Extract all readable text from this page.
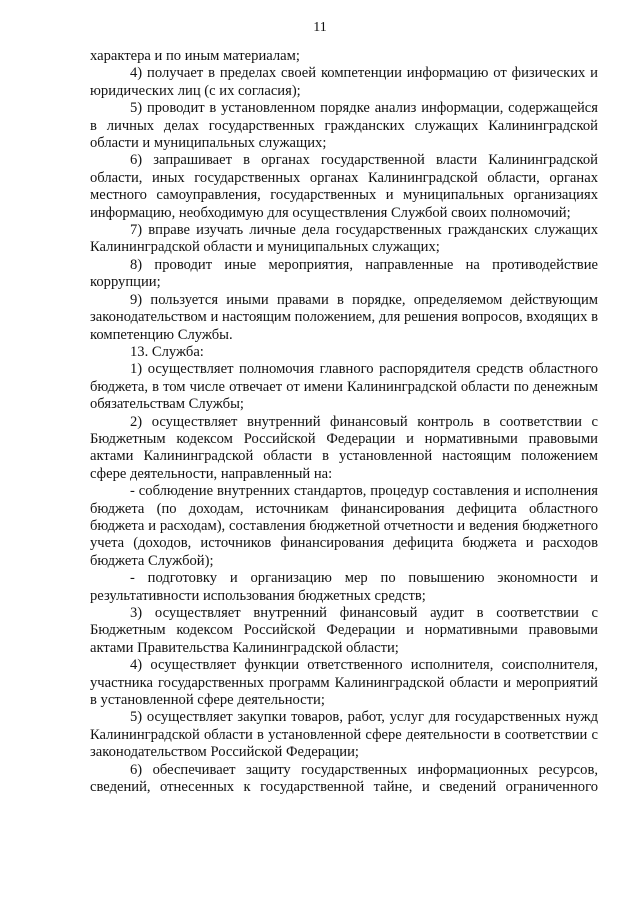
11

характера и по иным материалам;

4) получает в пределах своей компетенции информацию от физических и юридических лиц (с их согласия);

5) проводит в установленном порядке анализ информации, содержащейся в личных делах государственных гражданских служащих Калининградской области и муниципальных служащих;

6) запрашивает в органах государственной власти Калининградской области, иных государственных органах Калининградской области, органах местного самоуправления, государственных и муниципальных организациях информацию, необходимую для осуществления Службой своих полномочий;

7) вправе изучать личные дела государственных гражданских служащих Калининградской области и муниципальных служащих;

8) проводит иные мероприятия, направленные на противодействие коррупции;

9) пользуется иными правами в порядке, определяемом действующим законодательством и настоящим положением, для решения вопросов, входящих в компетенцию Службы.

13. Служба:

1) осуществляет полномочия главного распорядителя средств областного бюджета, в том числе отвечает от имени Калининградской области по денежным обязательствам Службы;

2) осуществляет внутренний финансовый контроль в соответствии с Бюджетным кодексом Российской Федерации и нормативными правовыми актами Калининградской области в установленной настоящим положением сфере деятельности, направленный на:

- соблюдение внутренних стандартов, процедур составления и исполнения бюджета (по доходам, источникам финансирования дефицита областного бюджета и расходам), составления бюджетной отчетности и ведения бюджетного учета (доходов, источников финансирования дефицита бюджета и расходов бюджета Службой);

- подготовку и организацию мер по повышению экономности и результативности использования бюджетных средств;

3) осуществляет внутренний финансовый аудит в соответствии с Бюджетным кодексом Российской Федерации и нормативными правовыми актами Правительства Калининградской области;

4) осуществляет функции ответственного исполнителя, соисполнителя, участника государственных программ Калининградской области и мероприятий в установленной сфере деятельности;

5) осуществляет закупки товаров, работ, услуг для государственных нужд Калининградской области в установленной сфере деятельности в соответствии с законодательством Российской Федерации;

6) обеспечивает защиту государственных информационных ресурсов, сведений, отнесенных к государственной тайне, и сведений ограниченного
